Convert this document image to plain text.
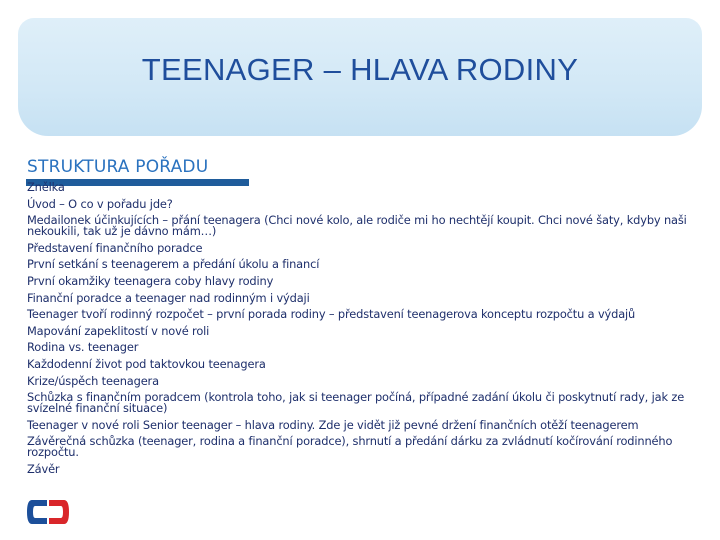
TEENAGER – HLAVA RODINY
STRUKTURA POŘADU
Znělka
Úvod – O co v pořadu jde?
Medailonek účinkujících – přání teenagera (Chci nové kolo, ale rodiče mi ho nechtějí koupit. Chci nové šaty, kdyby naši nekoukili, tak už je dávno mám…)
Představení finančního poradce
První setkání s teenagerem a předání úkolu a financí
První okamžiky teenagera coby hlavy rodiny
Finanční poradce a teenager nad rodinným i výdaji
Teenager tvoří rodinný rozpočet – první porada rodiny – představení teenagerova konceptu rozpočtu a výdajů
Mapování zapeklitostí v nové roli
Rodina vs. teenager
Každodenní život pod taktovkou teenagera
Krize/úspěch teenagera
Schůzka s finančním poradcem (kontrola toho, jak si teenager počíná, případné zadání úkolu či poskytnutí rady, jak ze svízelné finanční situace)
Teenager v nové roli Senior teenager – hlava rodiny. Zde je vidět již pevné držení finančních otěží teenagerem
Závěrečná schůzka (teenager, rodina a finanční poradce), shrnutí a předání dárku za zvládnutí kočírování rodinného rozpočtu.
Závěr
